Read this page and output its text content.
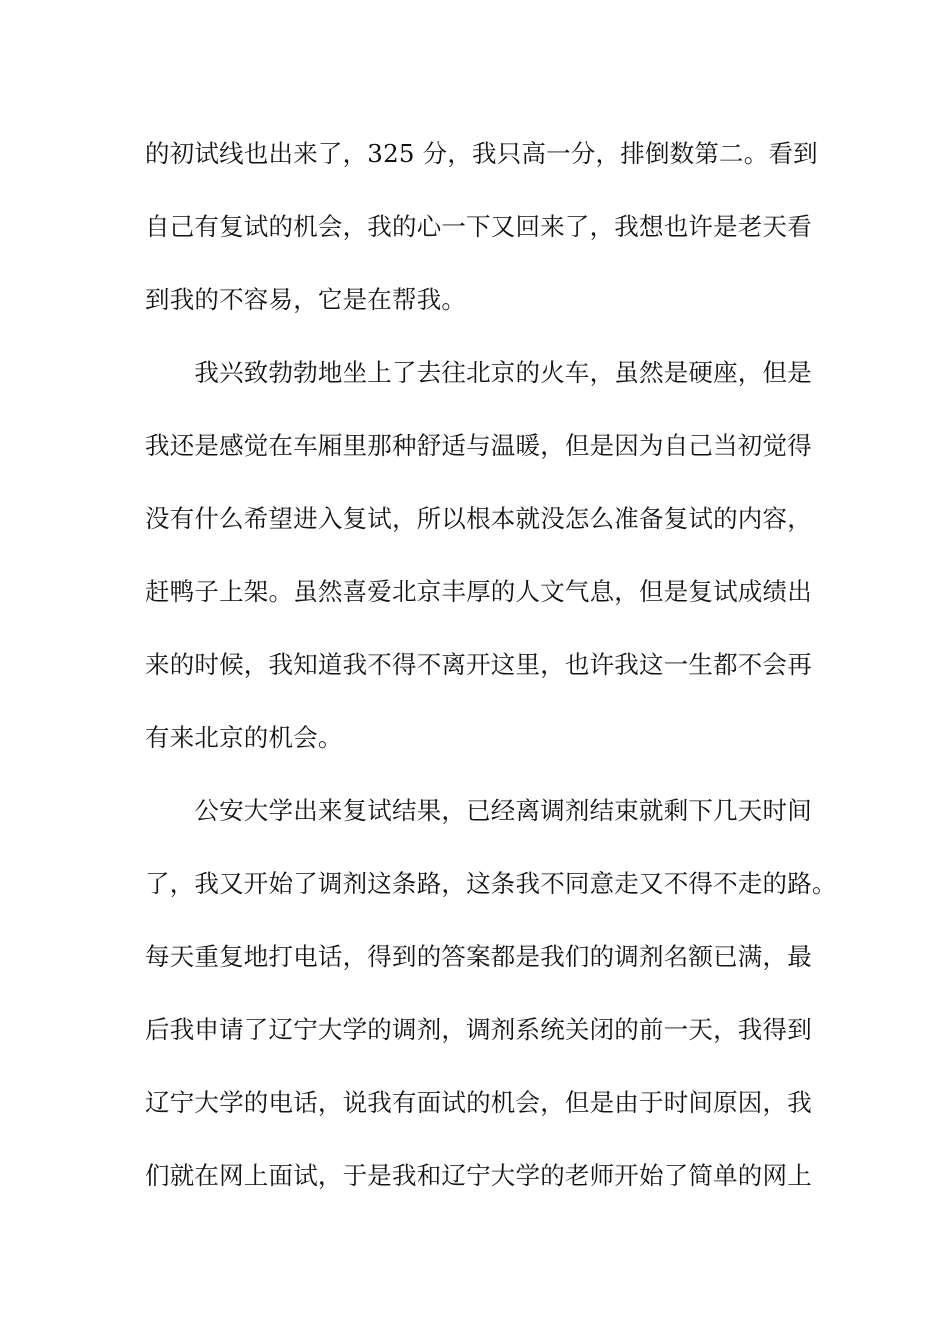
的初试线也出来了，325 分，我只高一分，排倒数第二。看到
自己有复试的机会，我的心一下又回来了，我想也许是老天看
到我的不容易，它是在帮我。
　　我兴致勃勃地坐上了去往北京的火车，虽然是硬座，但是
我还是感觉在车厢里那种舒适与温暖，但是因为自己当初觉得
没有什么希望进入复试，所以根本就没怎么准备复试的内容，
赶鸭子上架。虽然喜爱北京丰厚的人文气息，但是复试成绩出
来的时候，我知道我不得不离开这里，也许我这一生都不会再
有来北京的机会。
　　公安大学出来复试结果，已经离调剂结束就剩下几天时间
了，我又开始了调剂这条路，这条我不同意走又不得不走的路。
每天重复地打电话，得到的答案都是我们的调剂名额已满，最
后我申请了辽宁大学的调剂，调剂系统关闭的前一天，我得到
辽宁大学的电话，说我有面试的机会，但是由于时间原因，我
们就在网上面试，于是我和辽宁大学的老师开始了简单的网上
